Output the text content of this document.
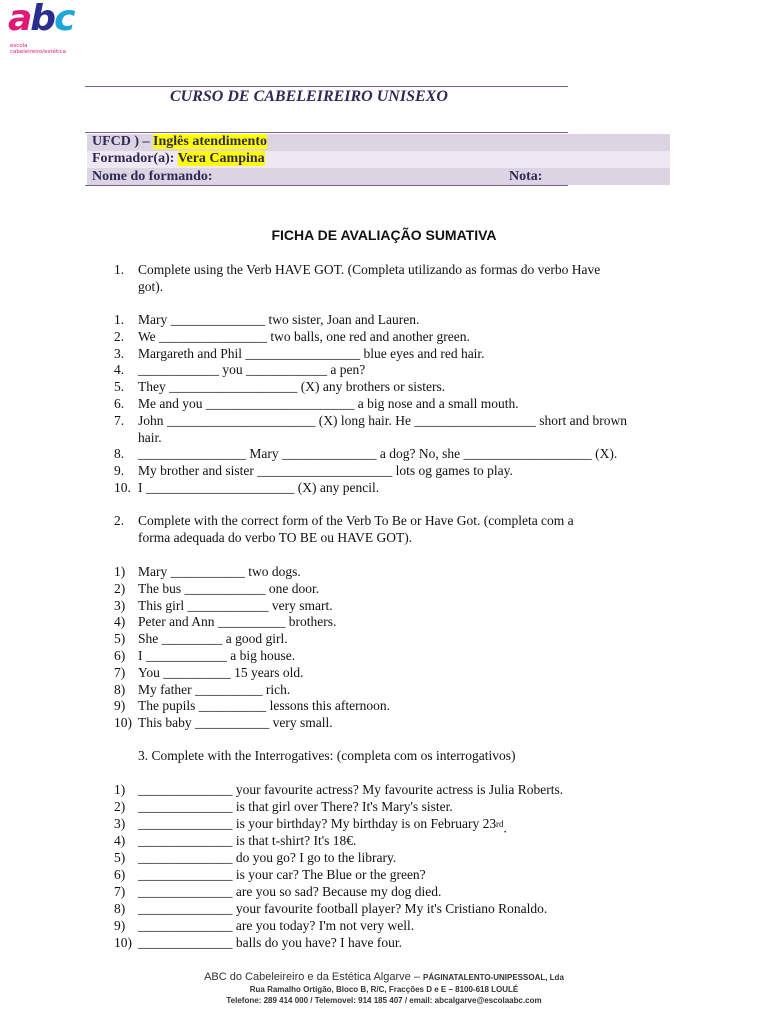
abc
escola
cabeleireiro/estética
CURSO DE CABELEIREIRO UNISEXO
UFCD ) – Inglês atendimento
Formador(a): Vera Campina
Nome do formando:	Nota:
FICHA DE AVALIAÇÃO SUMATIVA
1. Complete using the Verb HAVE GOT. (Completa utilizando as formas do verbo Have
got).
1. Mary ______________ two sister, Joan and Lauren.
2. We ________________ two balls, one red and another green.
3. Margareth and Phil _________________ blue eyes and red hair.
4. ____________ you ____________ a pen?
5. They ___________________ (X) any brothers or sisters.
6. Me and you ______________________ a big nose and a small mouth.
7. John ______________________ (X) long hair. He __________________ short and brown
hair.
8. ________________ Mary ______________ a dog? No, she ___________________ (X).
9. My brother and sister ____________________ lots og games to play.
10. I ______________________ (X) any pencil.
2. Complete with the correct form of the Verb To Be or Have Got. (completa com a
forma adequada do verbo TO BE ou HAVE GOT).
1) Mary ___________ two dogs.
2) The bus ____________ one door.
3) This girl ____________ very smart.
4) Peter and Ann __________ brothers.
5) She _________ a good girl.
6) I ____________ a big house.
7) You __________ 15 years old.
8) My father __________ rich.
9) The pupils __________ lessons this afternoon.
10) This baby ___________ very small.
3. Complete with the Interrogatives: (completa com os interrogativos)
1) ______________ your favourite actress? My favourite actress is Julia Roberts.
2) ______________ is that girl over There? It's Mary's sister.
3) ______________ is your birthday? My birthday is on February 23 $^{rd}$.
4) ______________ is that t-shirt? It's 18€.
5) ______________ do you go? I go to the library.
6) ______________ is your car? The Blue or the green?
7) ______________ are you so sad? Because my dog died.
8) ______________ your favourite football player? My it's Cristiano Ronaldo.
9) ______________ are you today? I'm not very well.
10) ______________ balls do you have? I have four.
ABC do Cabeleireiro e da Estética Algarve – PÁGINATALENTO-UNIPESSOAL, Lda
Rua Ramalho Ortigão, Bloco B, R/C, Fracções D e E – 8100-618 LOULÉ
Telefone: 289 414 000 / Telemovel: 914 185 407 / email: abcalgarve@escolaabc.com
